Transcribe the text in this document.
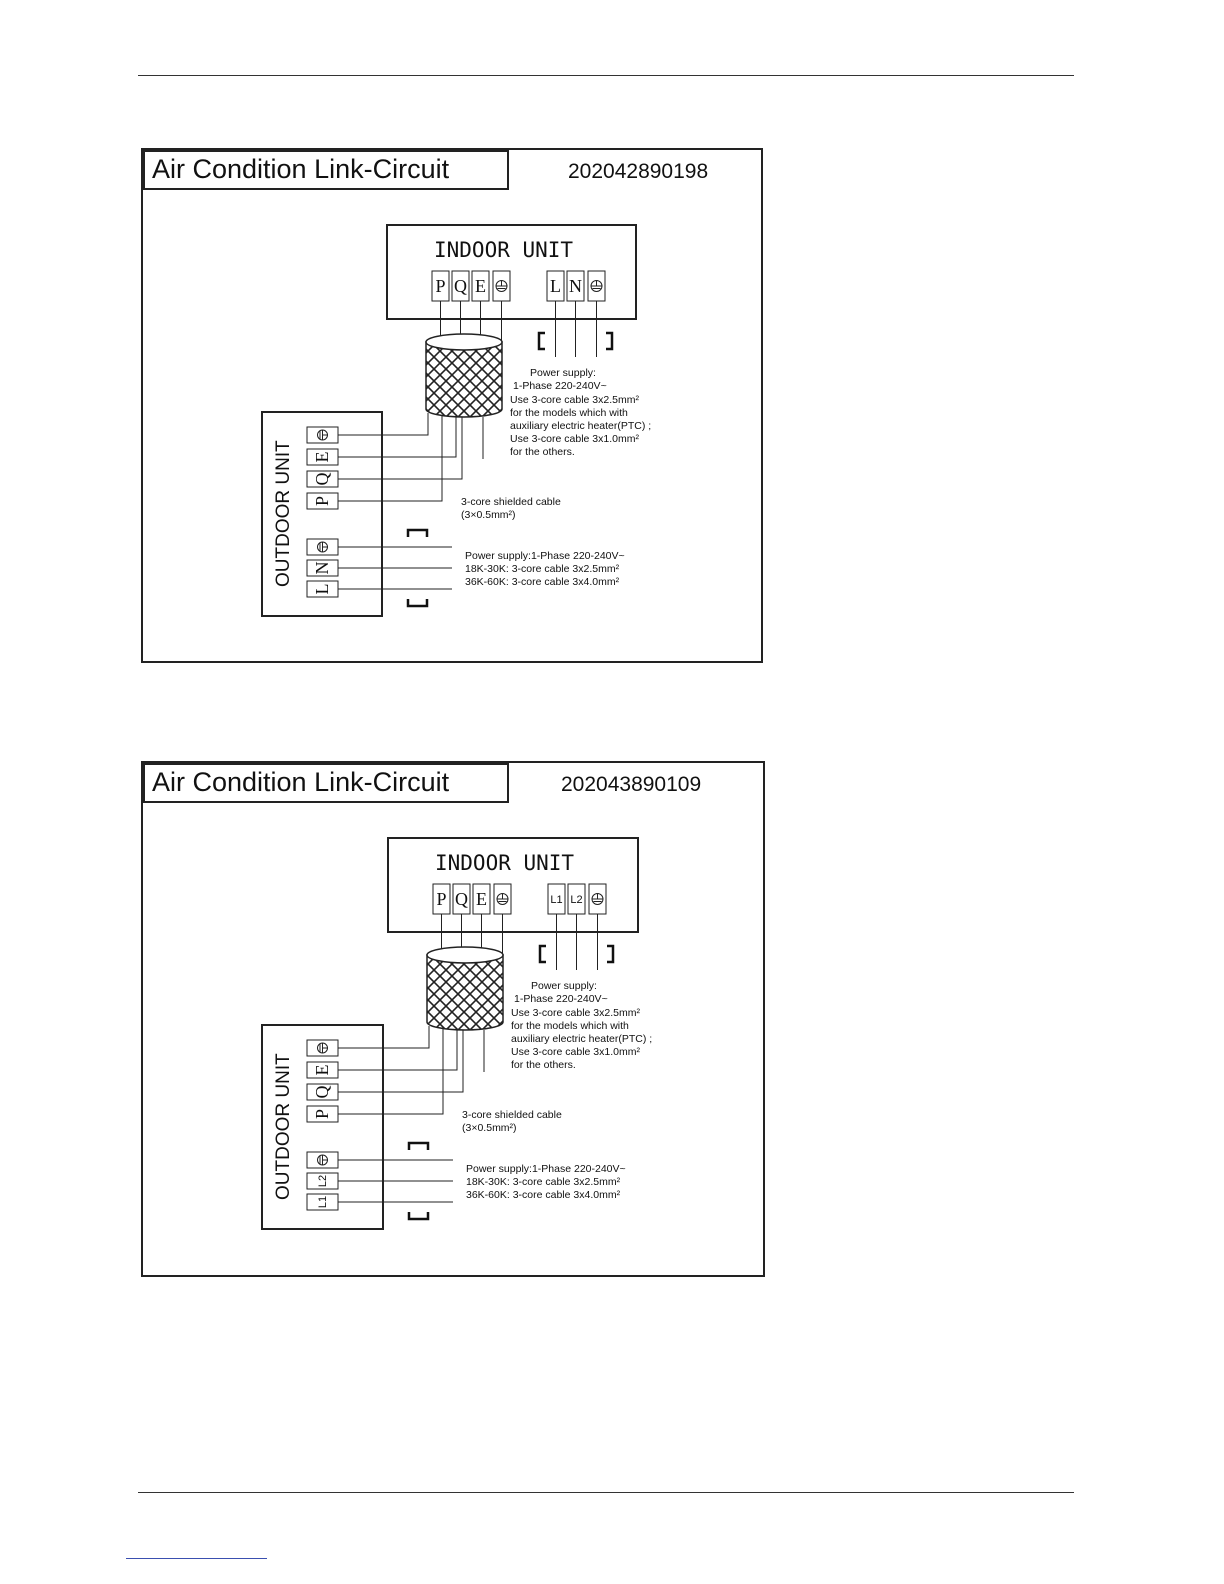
Air Condition Link-Circuit	202042890198
INDOOR UNIT
P Q E	L N
Power supply: 1-Phase 220-240V~ Use 3-core cable 3x2.5mm² for the models which with auxiliary electric heater(PTC) ; Use 3-core cable 3x1.0mm² for the others.
OUTDOOR UNIT E
Q
P	3-core shielded cable (3×0.5mm²)
N
L
Power supply:1-Phase 220-240V~ 18K-30K: 3-core cable 3x2.5mm² 36K-60K: 3-core cable 3x4.0mm²
Air Condition Link-Circuit	202043890109
INDOOR UNIT
P Q E	L1 L2
Power supply: 1-Phase 220-240V~ Use 3-core cable 3x2.5mm² for the models which with auxiliary electric heater(PTC) ; Use 3-core cable 3x1.0mm² for the others.
OUTDOOR UNIT E
Q
P	3-core shielded cable (3×0.5mm²)
L2
L1
Power supply:1-Phase 220-240V~ 18K-30K: 3-core cable 3x2.5mm² 36K-60K: 3-core cable 3x4.0mm²
